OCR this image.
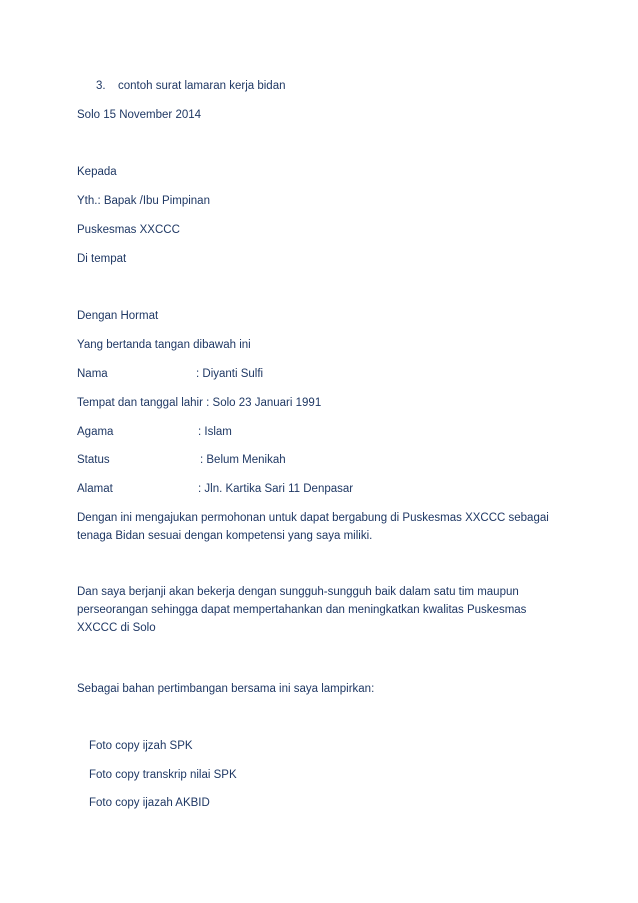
3. contoh surat lamaran kerja bidan
Solo 15 November 2014
Kepada
Yth.: Bapak /Ibu Pimpinan
Puskesmas XXCCC
Di tempat
Dengan Hormat
Yang bertanda tangan dibawah ini
Nama	: Diyanti Sulfi
Tempat dan tanggal lahir : Solo 23 Januari 1991
Agama	: Islam
Status	: Belum Menikah
Alamat	: Jln. Kartika Sari 11 Denpasar
Dengan ini mengajukan permohonan untuk dapat bergabung di Puskesmas XXCCC sebagai tenaga Bidan sesuai dengan kompetensi yang saya miliki.
Dan saya berjanji akan bekerja dengan sungguh-sungguh baik dalam satu tim maupun perseorangan sehingga dapat mempertahankan dan meningkatkan kwalitas Puskesmas XXCCC di Solo
Sebagai bahan pertimbangan bersama ini saya lampirkan:
Foto copy ijzah SPK
Foto copy transkrip nilai SPK
Foto copy ijazah AKBID
